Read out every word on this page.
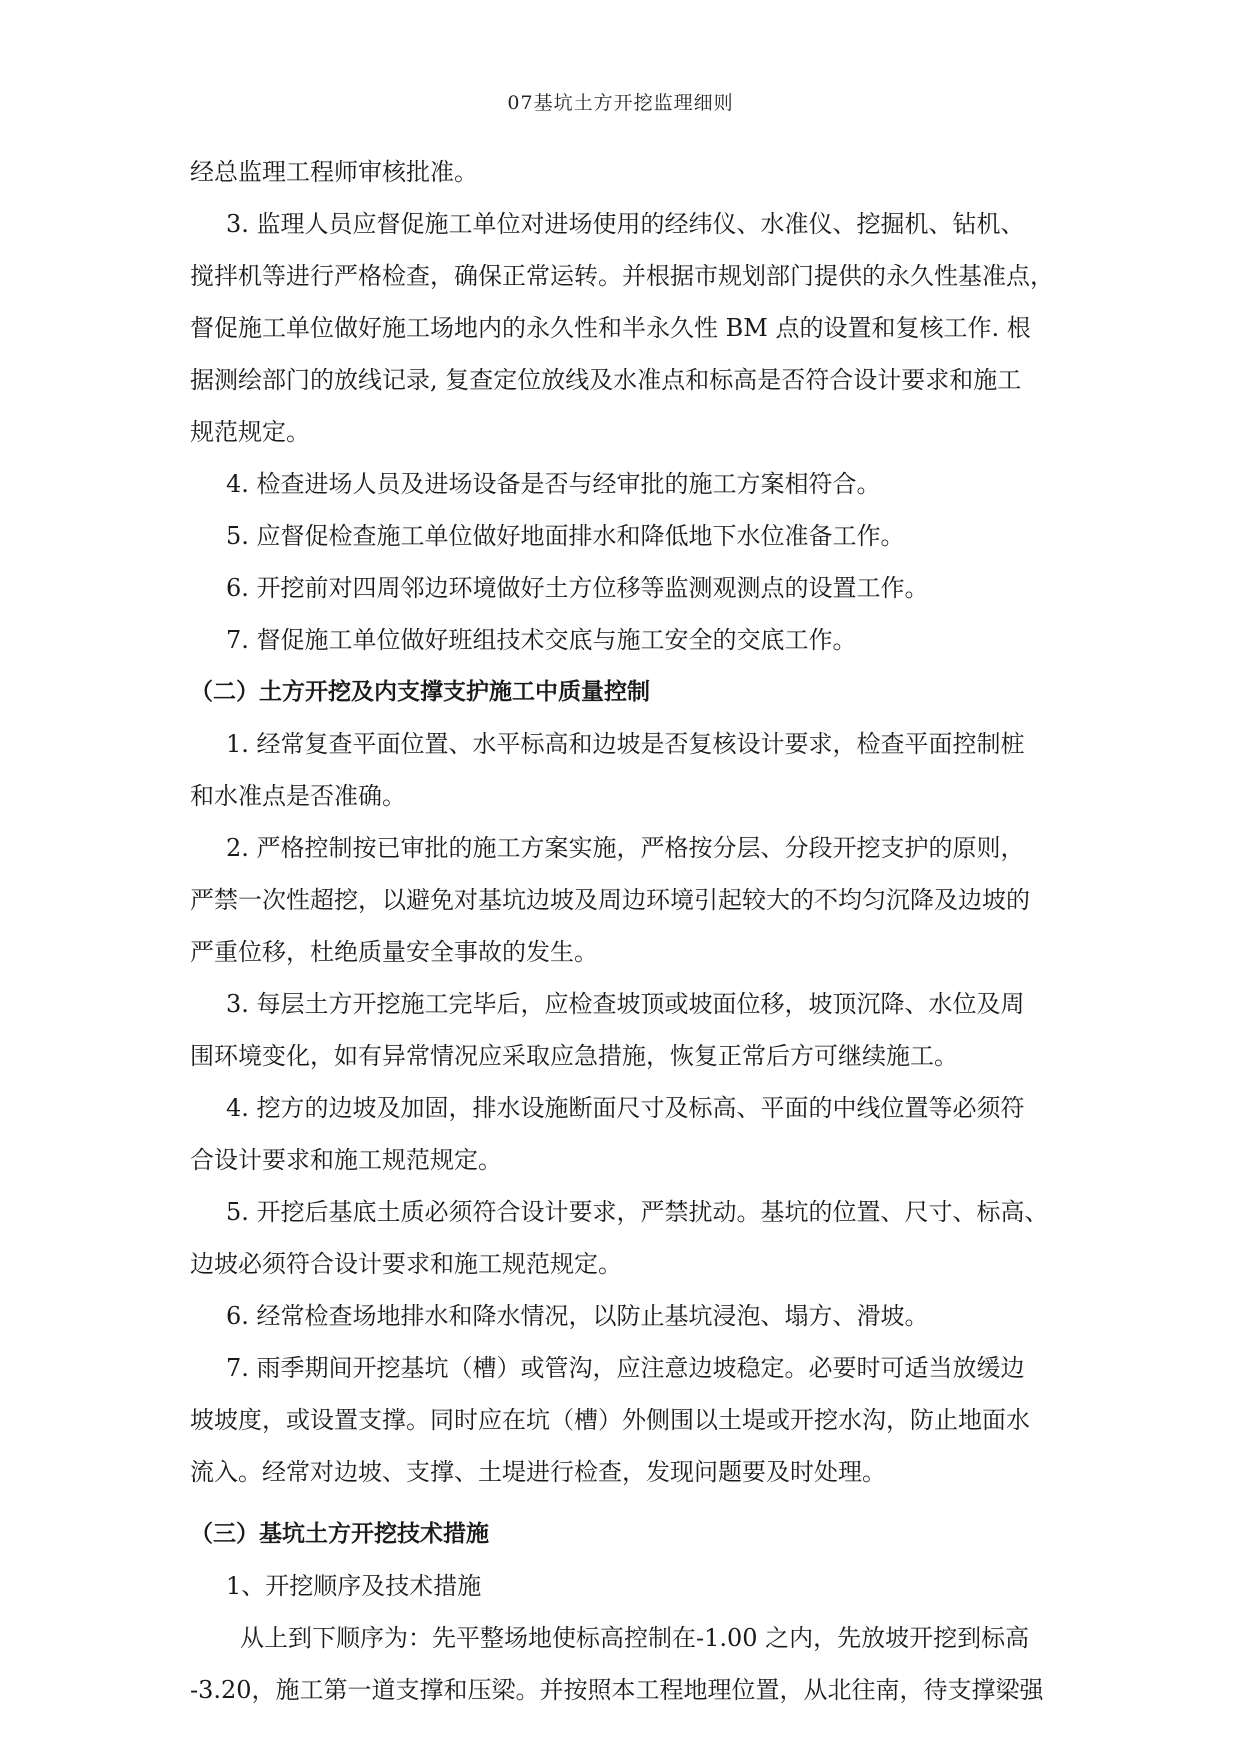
07基坑土方开挖监理细则
经总监理工程师审核批准。
3. 监理人员应督促施工单位对进场使用的经纬仪、水准仪、挖掘机、钻机、
搅拌机等进行严格检查，确保正常运转。并根据市规划部门提供的永久性基准点，
督促施工单位做好施工场地内的永久性和半永久性 BM 点的设置和复核工作. 根
据测绘部门的放线记录, 复查定位放线及水准点和标高是否符合设计要求和施工
规范规定。
4. 检查进场人员及进场设备是否与经审批的施工方案相符合。
5. 应督促检查施工单位做好地面排水和降低地下水位准备工作。
6. 开挖前对四周邻边环境做好土方位移等监测观测点的设置工作。
7. 督促施工单位做好班组技术交底与施工安全的交底工作。
（二）土方开挖及内支撑支护施工中质量控制
1. 经常复查平面位置、水平标高和边坡是否复核设计要求，检查平面控制桩
和水准点是否准确。
2. 严格控制按已审批的施工方案实施，严格按分层、分段开挖支护的原则，
严禁一次性超挖，以避免对基坑边坡及周边环境引起较大的不均匀沉降及边坡的
严重位移，杜绝质量安全事故的发生。
3. 每层土方开挖施工完毕后，应检查坡顶或坡面位移，坡顶沉降、水位及周
围环境变化，如有异常情况应采取应急措施，恢复正常后方可继续施工。
4. 挖方的边坡及加固，排水设施断面尺寸及标高、平面的中线位置等必须符
合设计要求和施工规范规定。
5. 开挖后基底土质必须符合设计要求，严禁扰动。基坑的位置、尺寸、标高、
边坡必须符合设计要求和施工规范规定。
6. 经常检查场地排水和降水情况，以防止基坑浸泡、塌方、滑坡。
7. 雨季期间开挖基坑（槽）或管沟，应注意边坡稳定。必要时可适当放缓边
坡坡度，或设置支撑。同时应在坑（槽）外侧围以土堤或开挖水沟，防止地面水
流入。经常对边坡、支撑、土堤进行检查，发现问题要及时处理。
（三）基坑土方开挖技术措施
1、开挖顺序及技术措施
从上到下顺序为：先平整场地使标高控制在-1.00 之内，先放坡开挖到标高
-3.20，施工第一道支撑和压梁。并按照本工程地理位置，从北往南，待支撑梁强
